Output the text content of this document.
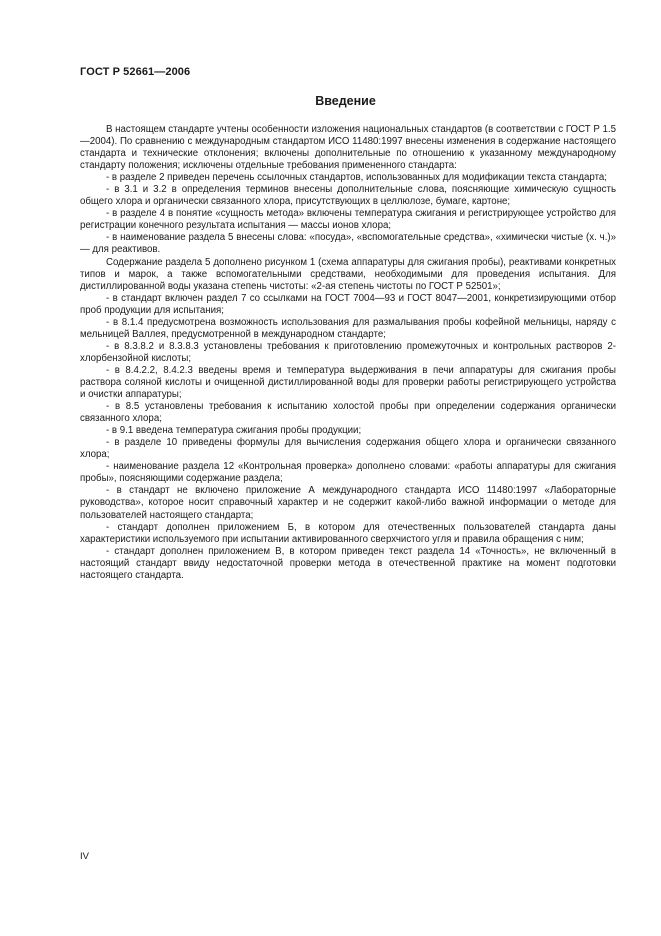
ГОСТ Р 52661—2006
Введение

В настоящем стандарте учтены особенности изложения национальных стандартов (в соответствии с ГОСТ Р 1.5—2004). По сравнению с международным стандартом ИСО 11480:1997 внесены изменения в содержание настоящего стандарта и технические отклонения; включены дополнительные по отношению к указанному международному стандарту положения; исключены отдельные требования примененного стандарта:

- в разделе 2 приведен перечень ссылочных стандартов, использованных для модификации текста стандарта;

- в 3.1 и 3.2 в определения терминов внесены дополнительные слова, поясняющие химическую сущность общего хлора и органически связанного хлора, присутствующих в целлюлозе, бумаге, картоне;

- в разделе 4 в понятие «сущность метода» включены температура сжигания и регистрирующее устройство для регистрации конечного результата испытания — массы ионов хлора;

- в наименование раздела 5 внесены слова: «посуда», «вспомогательные средства», «химически чистые (х. ч.)» — для реактивов.

Содержание раздела 5 дополнено рисунком 1 (схема аппаратуры для сжигания пробы), реактивами конкретных типов и марок, а также вспомогательными средствами, необходимыми для проведения испытания. Для дистиллированной воды указана степень чистоты: «2-ая степень чистоты по ГОСТ Р 52501»;

- в стандарт включен раздел 7 со ссылками на ГОСТ 7004—93 и ГОСТ 8047—2001, конкретизирующими отбор проб продукции для испытания;

- в 8.1.4 предусмотрена возможность использования для размалывания пробы кофейной мельницы, наряду с мельницей Валлея, предусмотренной в международном стандарте;

- в 8.3.8.2 и 8.3.8.3 установлены требования к приготовлению промежуточных и контрольных растворов 2-хлорбензойной кислоты;

- в 8.4.2.2, 8.4.2.3 введены время и температура выдерживания в печи аппаратуры для сжигания пробы раствора соляной кислоты и очищенной дистиллированной воды для проверки работы регистрирующего устройства и очистки аппаратуры;

- в 8.5 установлены требования к испытанию холостой пробы при определении содержания органически связанного хлора;

- в 9.1 введена температура сжигания пробы продукции;

- в разделе 10 приведены формулы для вычисления содержания общего хлора и органически связанного хлора;

- наименование раздела 12 «Контрольная проверка» дополнено словами: «работы аппаратуры для сжигания пробы», поясняющими содержание раздела;

- в стандарт не включено приложение А международного стандарта ИСО 11480:1997 «Лабораторные руководства», которое носит справочный характер и не содержит какой-либо важной информации о методе для пользователей настоящего стандарта;

- стандарт дополнен приложением Б, в котором для отечественных пользователей стандарта даны характеристики используемого при испытании активированного сверхчистого угля и правила обращения с ним;

- стандарт дополнен приложением В, в котором приведен текст раздела 14 «Точность», не включенный в настоящий стандарт ввиду недостаточной проверки метода в отечественной практике на момент подготовки настоящего стандарта.

IV
